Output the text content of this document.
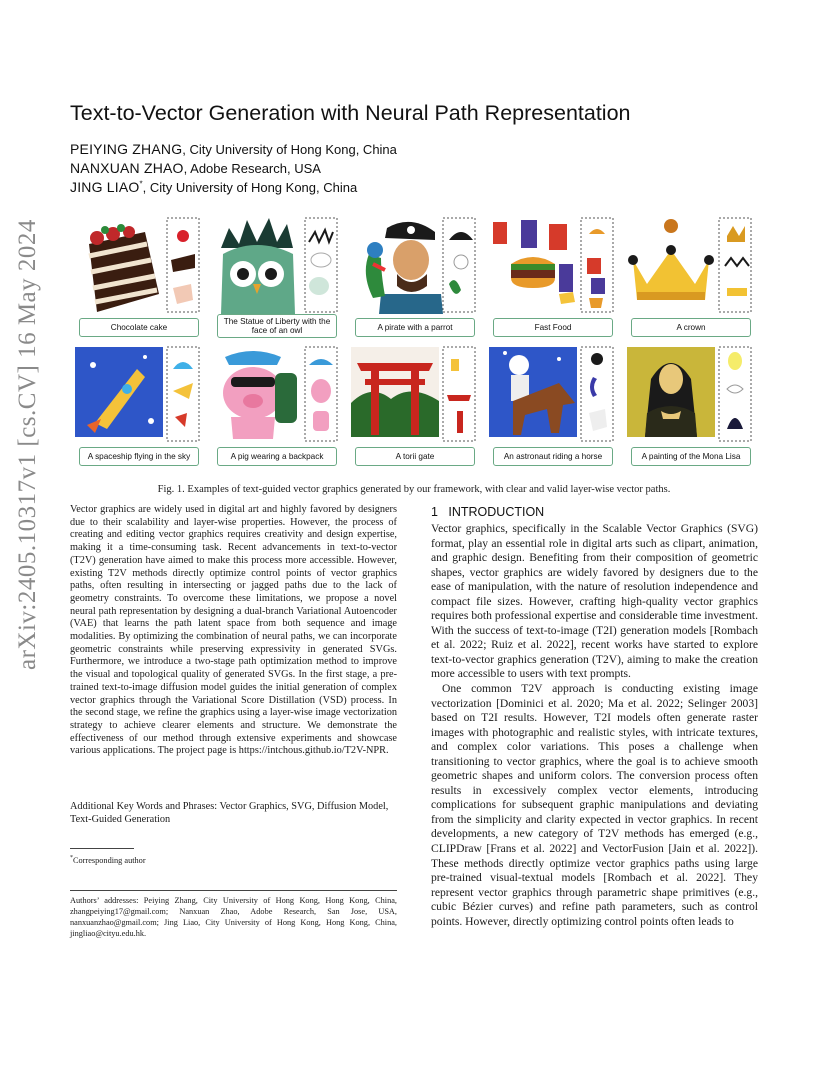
arXiv:2405.10317v1 [cs.CV] 16 May 2024
Text-to-Vector Generation with Neural Path Representation
PEIYING ZHANG, City University of Hong Kong, China
NANXUAN ZHAO, Adobe Research, USA
JING LIAO*, City University of Hong Kong, China
Chocolate cake
The Statue of Liberty with the face of an owl	A pirate with a parrot	Fast Food	A crown
A spaceship flying in the sky	A pig wearing a backpack	A torii gate	An astronaut riding a horse	A painting of the Mona Lisa
Fig. 1. Examples of text-guided vector graphics generated by our framework, with clear and valid layer-wise vector paths.

Vector graphics are widely used in digital art and highly favored by designers due to their scalability and layer-wise properties. However, the process of creating and editing vector graphics requires creativity and design expertise, making it a time-consuming task. Recent advancements in text-to-vector (T2V) generation have aimed to make this process more accessible. However, existing T2V methods directly optimize control points of vector graphics paths, often resulting in intersecting or jagged paths due to the lack of geometry constraints. To overcome these limitations, we propose a novel neural path representation by designing a dual-branch Variational Autoencoder (VAE) that learns the path latent space from both sequence and image modalities. By optimizing the combination of neural paths, we can incorporate geometric constraints while preserving expressivity in generated SVGs. Furthermore, we introduce a two-stage path optimization method to improve the visual and topological quality of generated SVGs. In the first stage, a pre-trained text-to-image diffusion model guides the initial generation of complex vector graphics through the Variational Score Distillation (VSD) process. In the second stage, we refine the graphics using a layer-wise image vectorization strategy to achieve clearer elements and structure. We demonstrate the effectiveness of our method through extensive experiments and showcase various applications. The project page is https://intchous.github.io/T2V-NPR.

Additional Key Words and Phrases: Vector Graphics, SVG, Diffusion Model, Text-Guided Generation
*Corresponding author
Authors’ addresses: Peiying Zhang, City University of Hong Kong, Hong Kong, China, zhangpeiying17@gmail.com; Nanxuan Zhao, Adobe Research, San Jose, USA, nanxuanzhao@gmail.com; Jing Liao, City University of Hong Kong, Hong Kong, China, jingliao@cityu.edu.hk.
1 INTRODUCTION

Vector graphics, specifically in the Scalable Vector Graphics (SVG) format, play an essential role in digital arts such as clipart, animation, and graphic design. Benefiting from their composition of geometric shapes, vector graphics are widely favored by designers due to the ease of manipulation, with the nature of resolution independence and compact file sizes. However, crafting high-quality vector graphics requires both professional expertise and considerable time investment. With the success of text-to-image (T2I) generation models [Rombach et al. 2022; Ruiz et al. 2022], recent works have started to explore text-to-vector graphics generation (T2V), aiming to make the creation more accessible to users with text prompts.

One common T2V approach is conducting existing image vectorization [Dominici et al. 2020; Ma et al. 2022; Selinger 2003] based on T2I results. However, T2I models often generate raster images with photographic and realistic styles, with intricate textures, and complex color variations. This poses a challenge when transitioning to vector graphics, where the goal is to achieve smooth geometric shapes and uniform colors. The conversion process often results in excessively complex vector elements, introducing complications for subsequent graphic manipulations and deviating from the simplicity and clarity expected in vector graphics. In recent developments, a new category of T2V methods has emerged (e.g., CLIPDraw [Frans et al. 2022] and VectorFusion [Jain et al. 2022]). These methods directly optimize vector graphics paths using large pre-trained visual-textual models [Rombach et al. 2022]. They represent vector graphics through parametric shape primitives (e.g., cubic Bézier curves) and refine path parameters, such as control points. However, directly optimizing control points often leads to
